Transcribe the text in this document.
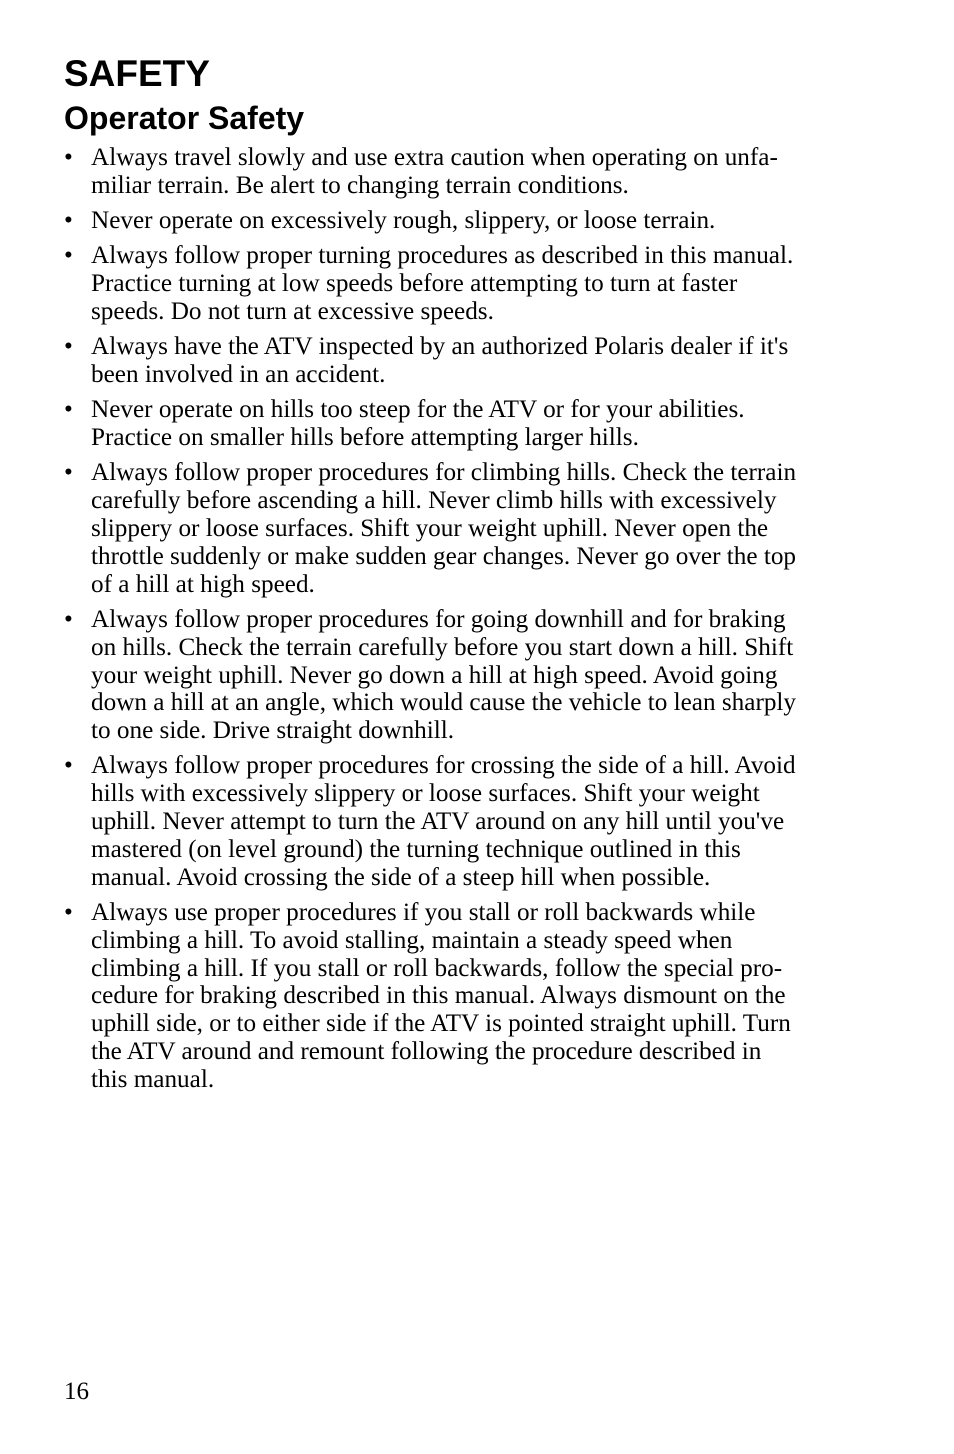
SAFETY
Operator Safety
• Always travel slowly and use extra caution when operating on unfa-
miliar terrain. Be alert to changing terrain conditions.
• Never operate on excessively rough, slippery, or loose terrain.
• Always follow proper turning procedures as described in this manual.
Practice turning at low speeds before attempting to turn at faster
speeds. Do not turn at excessive speeds.
• Always have the ATV inspected by an authorized Polaris dealer if it's
been involved in an accident.
• Never operate on hills too steep for the ATV or for your abilities.
Practice on smaller hills before attempting larger hills.
• Always follow proper procedures for climbing hills. Check the terrain
carefully before ascending a hill. Never climb hills with excessively
slippery or loose surfaces. Shift your weight uphill. Never open the
throttle suddenly or make sudden gear changes. Never go over the top
of a hill at high speed.
• Always follow proper procedures for going downhill and for braking
on hills. Check the terrain carefully before you start down a hill. Shift
your weight uphill. Never go down a hill at high speed. Avoid going
down a hill at an angle, which would cause the vehicle to lean sharply
to one side. Drive straight downhill.
• Always follow proper procedures for crossing the side of a hill. Avoid
hills with excessively slippery or loose surfaces. Shift your weight
uphill. Never attempt to turn the ATV around on any hill until you've
mastered (on level ground) the turning technique outlined in this
manual. Avoid crossing the side of a steep hill when possible.
• Always use proper procedures if you stall or roll backwards while
climbing a hill. To avoid stalling, maintain a steady speed when
climbing a hill. If you stall or roll backwards, follow the special pro-
cedure for braking described in this manual. Always dismount on the
uphill side, or to either side if the ATV is pointed straight uphill. Turn
the ATV around and remount following the procedure described in
this manual.
16
